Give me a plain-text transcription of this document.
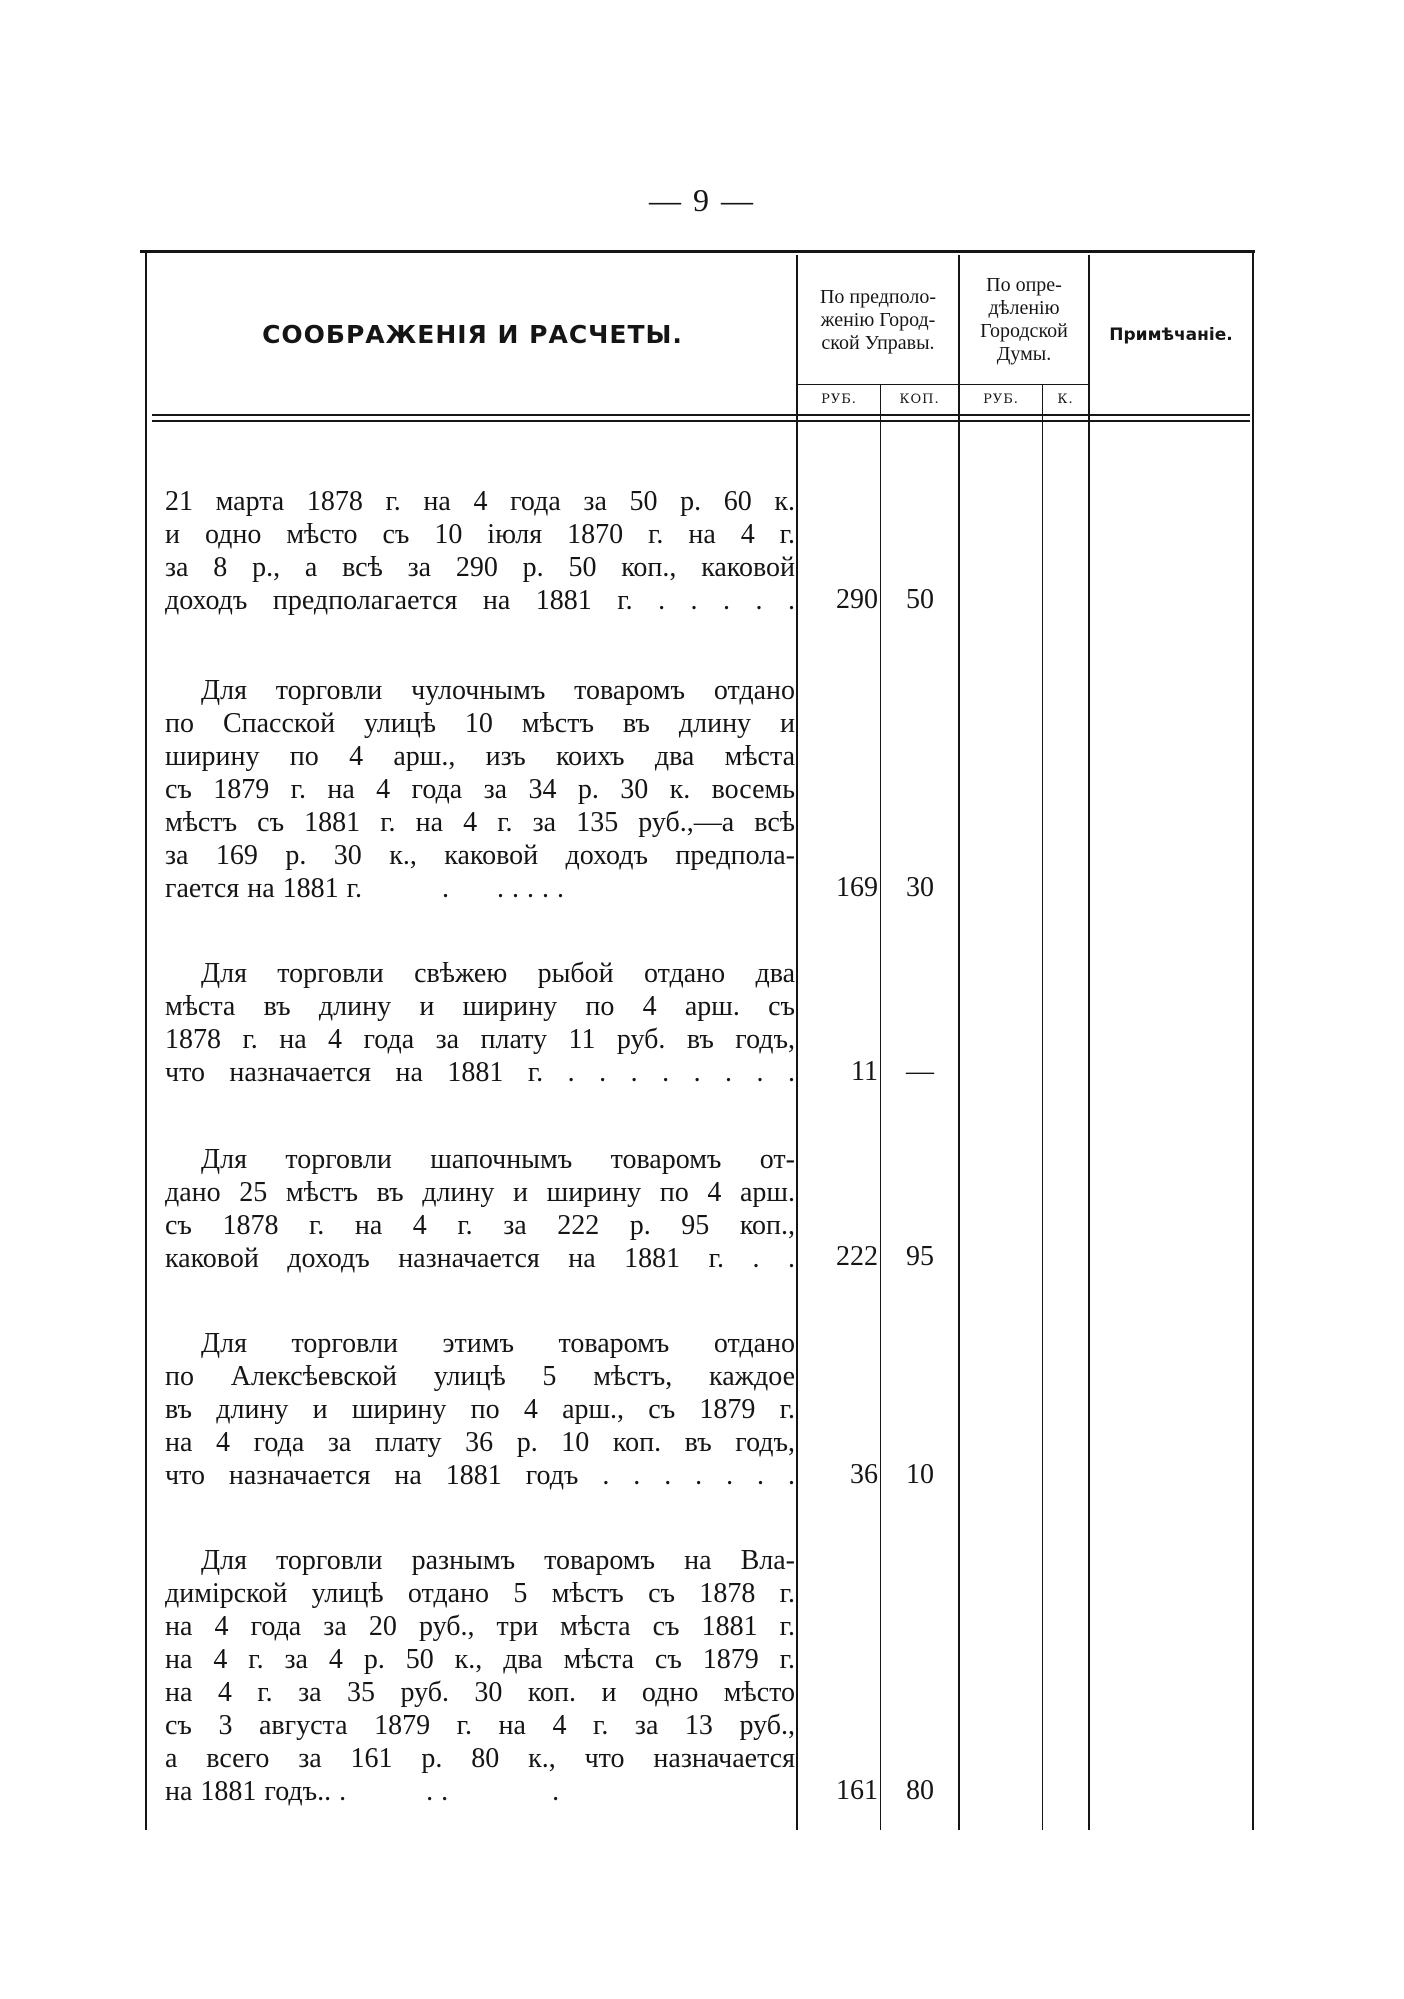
— 9 —
СООБРАЖЕНIЯ И РАСЧЕТЫ.
По предполо-
женiю Город-
ской Управы.
По опре-
дѣленiю
Городской
Думы.
Примѣчанiе.
РУБ.	КОП.	РУБ.	К.
21 марта 1878 г. на 4 года за 50 р. 60 к.
и одно мѣсто съ 10 iюля 1870 г. на 4 г.
за 8 р., а всѣ за 290 р. 50 коп., каковой
доходъ предполагается на 1881 г. . . . . .	290	50
Для торговли чулочнымъ товаромъ отдано
по Спасской улицѣ 10 мѣстъ въ длину и
ширину по 4 арш., изъ коихъ два мѣста
съ 1879 г. на 4 года за 34 р. 30 к. восемь
мѣстъ съ 1881 г. на 4 г. за 135 руб.,—а всѣ
за 169 р. 30 к., каковой доходъ предпола-
гается на 1881 г.          .      . . . . .	169	30
Для торговли свѣжею рыбой отдано два
мѣста въ длину и ширину по 4 арш. съ
1878 г. на 4 года за плату 11 руб. въ годъ,
что назначается на 1881 г. . . . . . . . .	11	—
Для торговли шапочнымъ товаромъ от-
дано 25 мѣстъ въ длину и ширину по 4 арш.
съ 1878 г. на 4 г. за 222 р. 95 коп.,
каковой доходъ назначается на 1881 г. . .	222	95
Для торговли этимъ товаромъ отдано
по Алексѣевской улицѣ 5 мѣстъ, каждое
въ длину и ширину по 4 арш., съ 1879 г.
на 4 года за плату 36 р. 10 коп. въ годъ,
что назначается на 1881 годъ . . . . . . .	36	10
Для торговли разнымъ товаромъ на Вла-
димiрской улицѣ отдано 5 мѣстъ съ 1878 г.
на 4 года за 20 руб., три мѣста съ 1881 г.
на 4 г. за 4 р. 50 к., два мѣста съ 1879 г.
на 4 г. за 35 руб. 30 коп. и одно мѣсто
съ 3 августа 1879 г. на 4 г. за 13 руб.,
а всего за 161 р. 80 к., что назначается
на 1881 годъ.. .          . .             .	161	80
